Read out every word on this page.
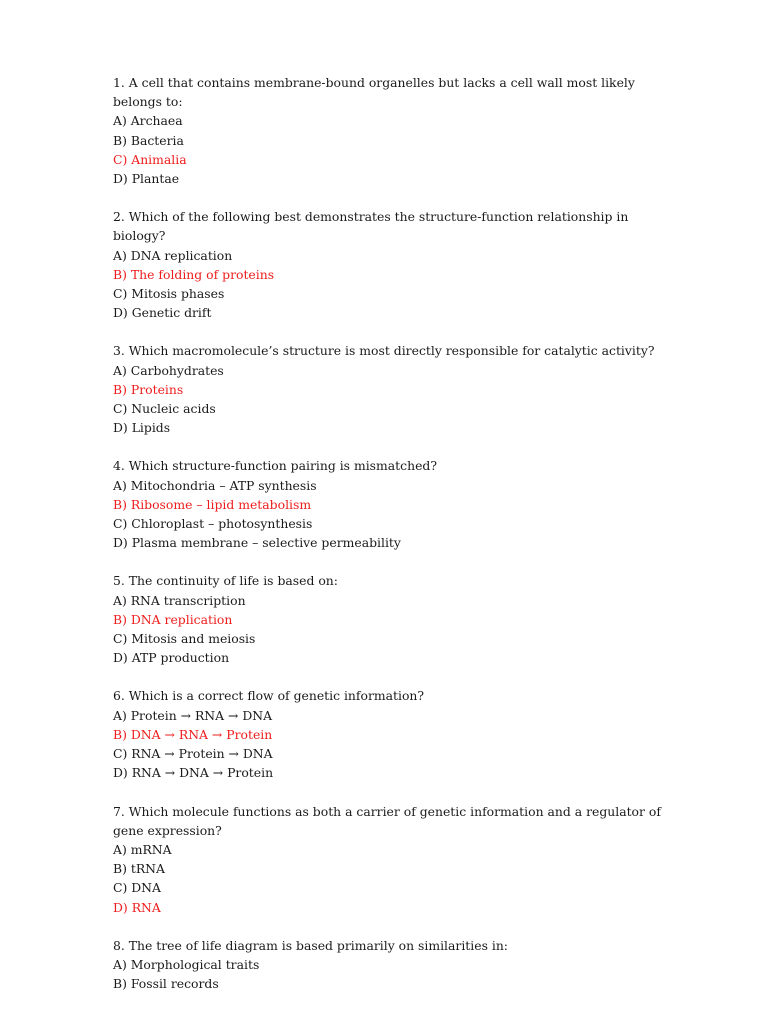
1. A cell that contains membrane-bound organelles but lacks a cell wall most likely belongs to:
A) Archaea
B) Bacteria
C) Animalia
D) Plantae
2. Which of the following best demonstrates the structure-function relationship in biology?
A) DNA replication
B) The folding of proteins
C) Mitosis phases
D) Genetic drift
3. Which macromolecule’s structure is most directly responsible for catalytic activity?
A) Carbohydrates
B) Proteins
C) Nucleic acids
D) Lipids
4. Which structure-function pairing is mismatched?
A) Mitochondria – ATP synthesis
B) Ribosome – lipid metabolism
C) Chloroplast – photosynthesis
D) Plasma membrane – selective permeability
5. The continuity of life is based on:
A) RNA transcription
B) DNA replication
C) Mitosis and meiosis
D) ATP production
6. Which is a correct flow of genetic information?
A) Protein → RNA → DNA
B) DNA → RNA → Protein
C) RNA → Protein → DNA
D) RNA → DNA → Protein
7. Which molecule functions as both a carrier of genetic information and a regulator of gene expression?
A) mRNA
B) tRNA
C) DNA
D) RNA
8. The tree of life diagram is based primarily on similarities in:
A) Morphological traits
B) Fossil records
